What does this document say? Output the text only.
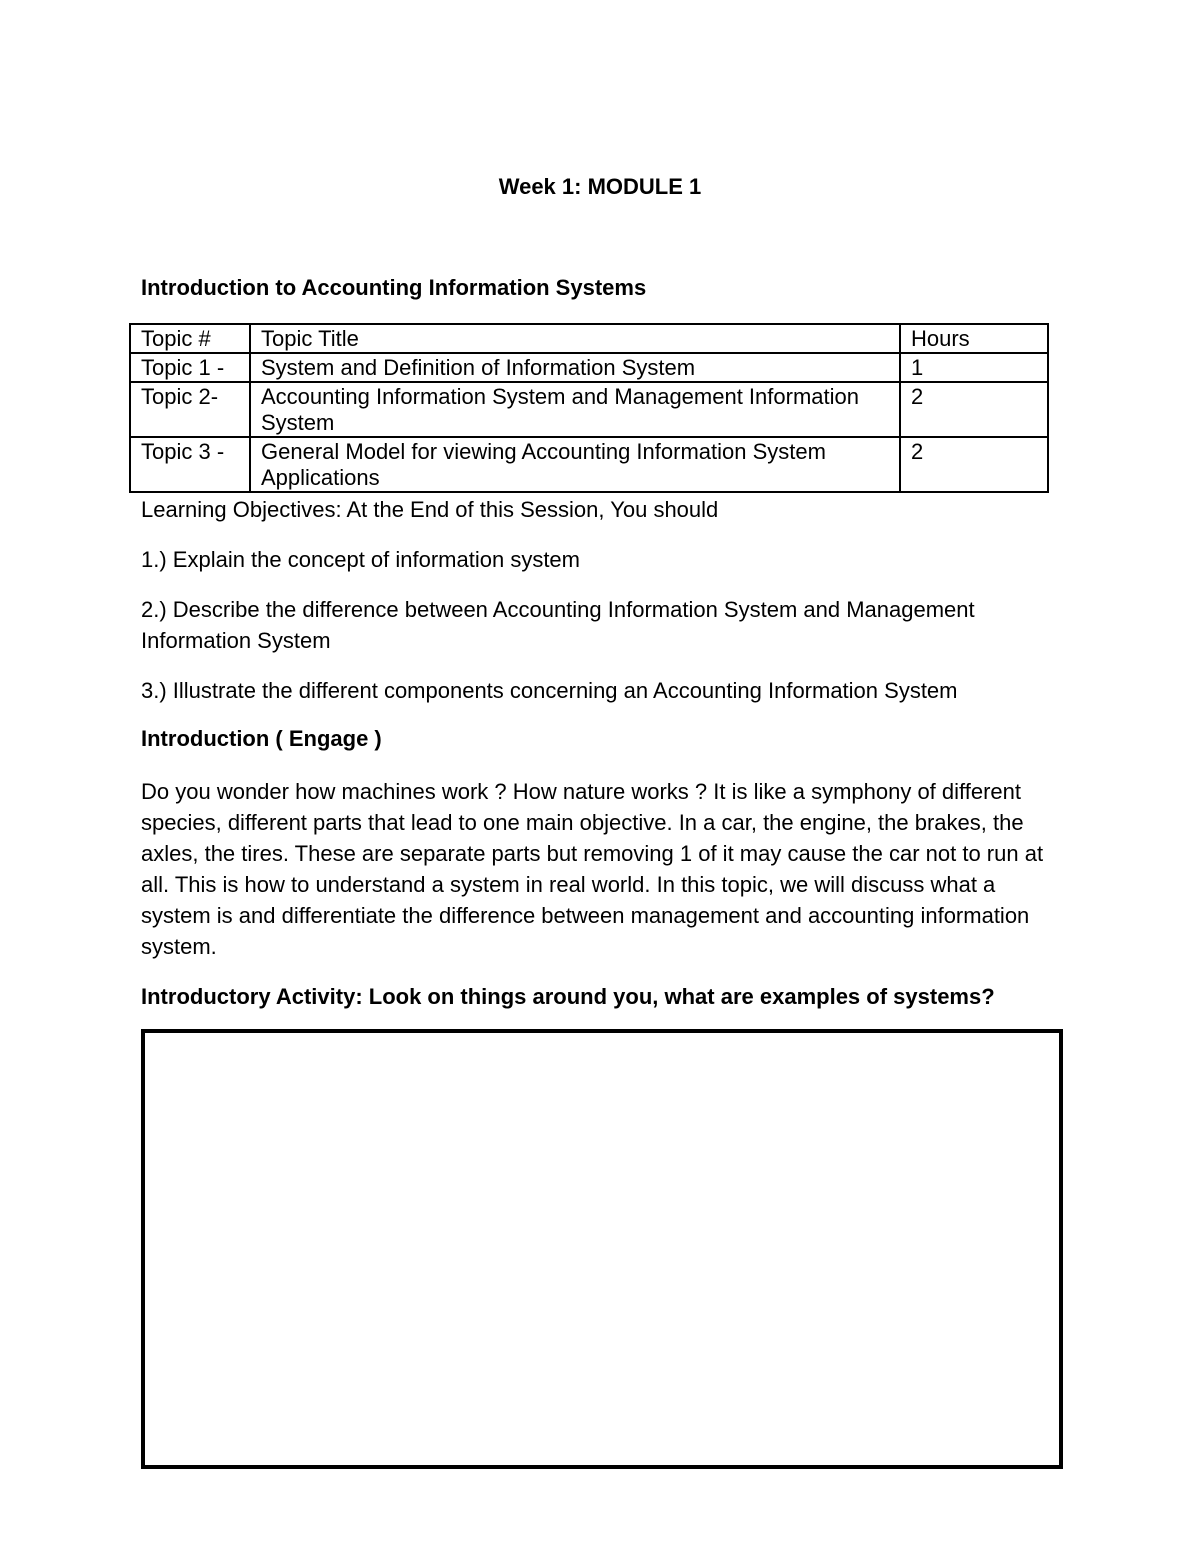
Week 1: MODULE 1
Introduction to Accounting Information Systems
Topic #	Topic Title	Hours
Topic 1 -	System and Definition of Information System	1
Topic 2-	Accounting Information System and Management Information System	2
Topic 3 -	General Model for viewing Accounting Information System Applications	2

Learning Objectives: At the End of this Session, You should

1.) Explain the concept of information system

2.) Describe the difference between Accounting Information System and Management Information System

3.) Illustrate the different components concerning an Accounting Information System

Introduction ( Engage )

Do you wonder how machines work ? How nature works ? It is like a symphony of different species, different parts that lead to one main objective. In a car, the engine, the brakes, the axles, the tires. These are separate parts but removing 1 of it may cause the car not to run at all. This is how to understand a system in real world. In this topic, we will discuss what a system is and differentiate the difference between management and accounting information system.

Introductory Activity: Look on things around you, what are examples of systems?
